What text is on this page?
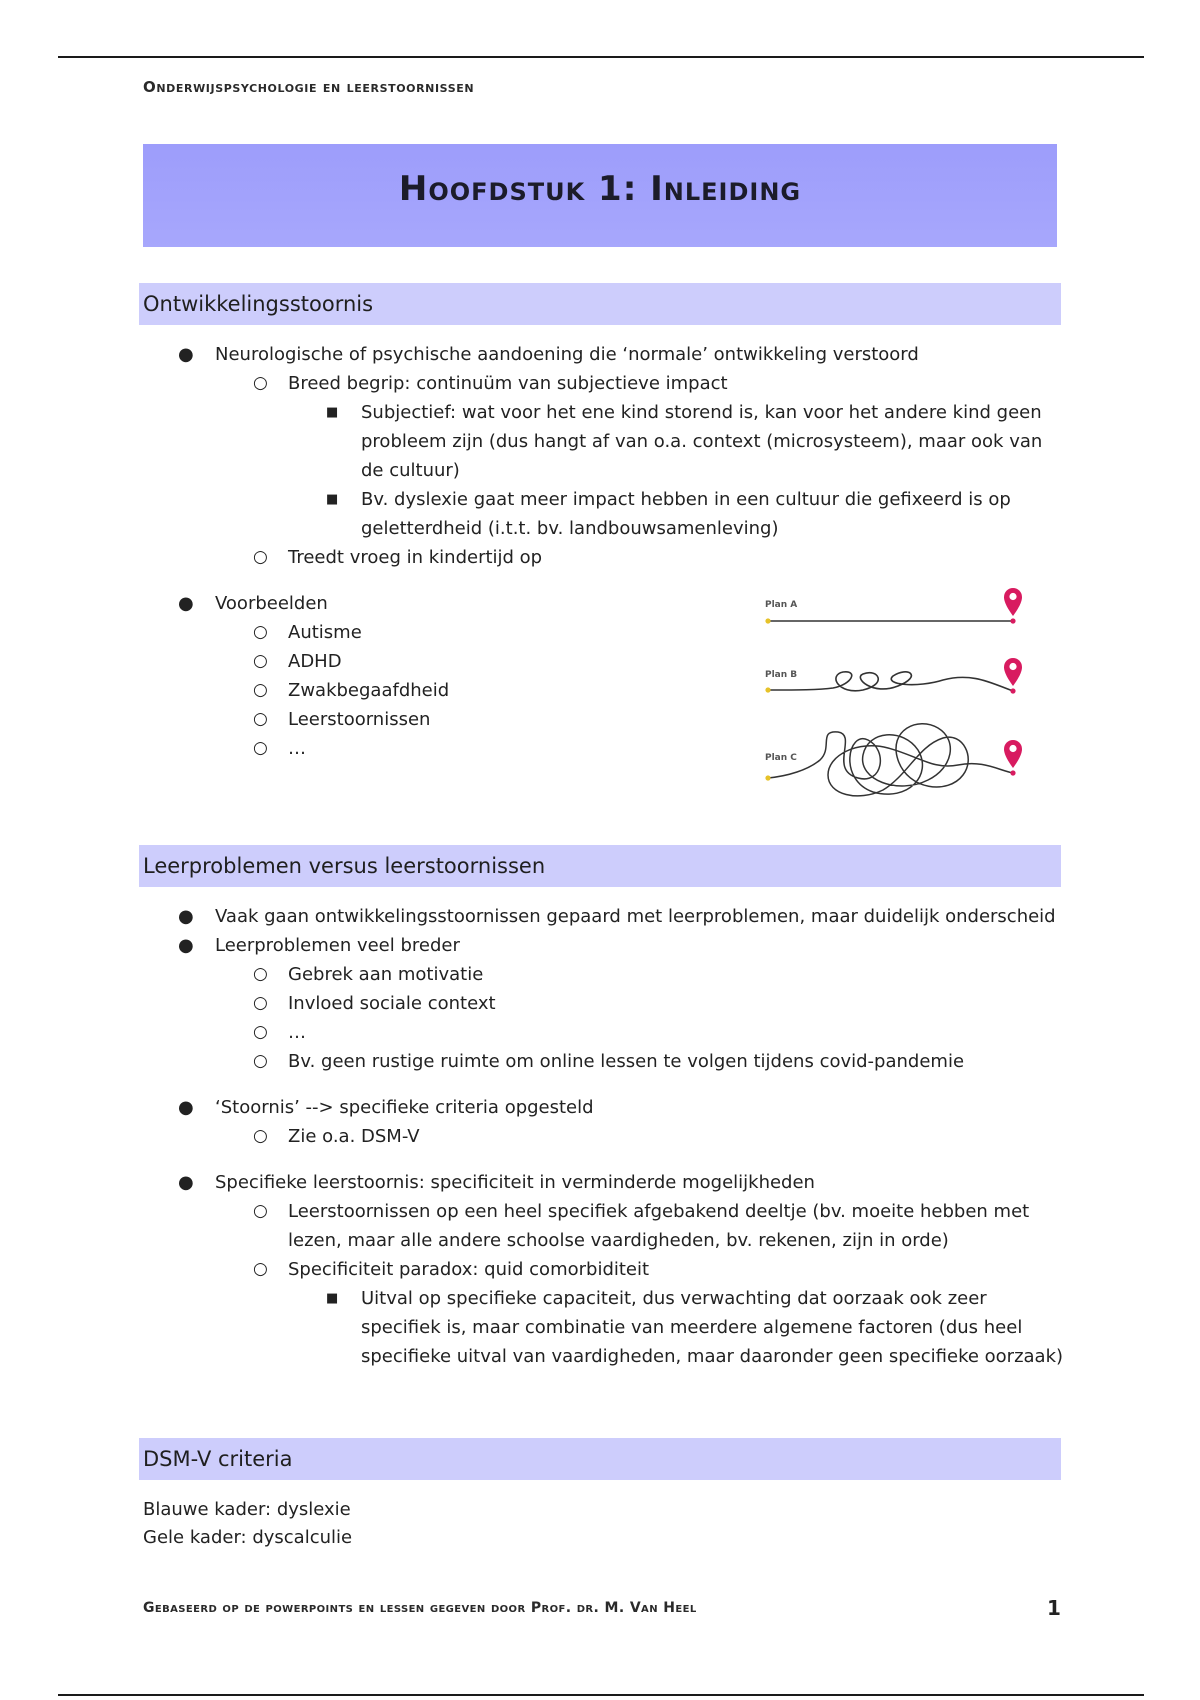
Onderwijspsychologie en leerstoornissen
Hoofdstuk 1: Inleiding
Ontwikkelingsstoornis
● Neurologische of psychische aandoening die ‘normale’ ontwikkeling verstoord
○ Breed begrip: continuüm van subjectieve impact
■ Subjectief: wat voor het ene kind storend is, kan voor het andere kind geen probleem zijn (dus hangt af van o.a. context (microsysteem), maar ook van de cultuur)
■ Bv. dyslexie gaat meer impact hebben in een cultuur die gefixeerd is op geletterdheid (i.t.t. bv. landbouwsamenleving)
○ Treedt vroeg in kindertijd op
● Voorbeelden
○ Autisme
○ ADHD
○ Zwakbegaafdheid
○ Leerstoornissen
○ …
Plan A
Plan B
Plan C
Leerproblemen versus leerstoornissen
● Vaak gaan ontwikkelingsstoornissen gepaard met leerproblemen, maar duidelijk onderscheid
● Leerproblemen veel breder
○ Gebrek aan motivatie
○ Invloed sociale context
○ …
○ Bv. geen rustige ruimte om online lessen te volgen tijdens covid-pandemie
● ‘Stoornis’ --> specifieke criteria opgesteld
○ Zie o.a. DSM-V
● Specifieke leerstoornis: specificiteit in verminderde mogelijkheden
○ Leerstoornissen op een heel specifiek afgebakend deeltje (bv. moeite hebben met lezen, maar alle andere schoolse vaardigheden, bv. rekenen, zijn in orde)
○ Specificiteit paradox: quid comorbiditeit
■ Uitval op specifieke capaciteit, dus verwachting dat oorzaak ook zeer specifiek is, maar combinatie van meerdere algemene factoren (dus heel specifieke uitval van vaardigheden, maar daaronder geen specifieke oorzaak)
DSM-V criteria
Blauwe kader: dyslexie
Gele kader: dyscalculie
Gebaseerd op de powerpoints en lessen gegeven door Prof. dr. M. Van Heel	1
